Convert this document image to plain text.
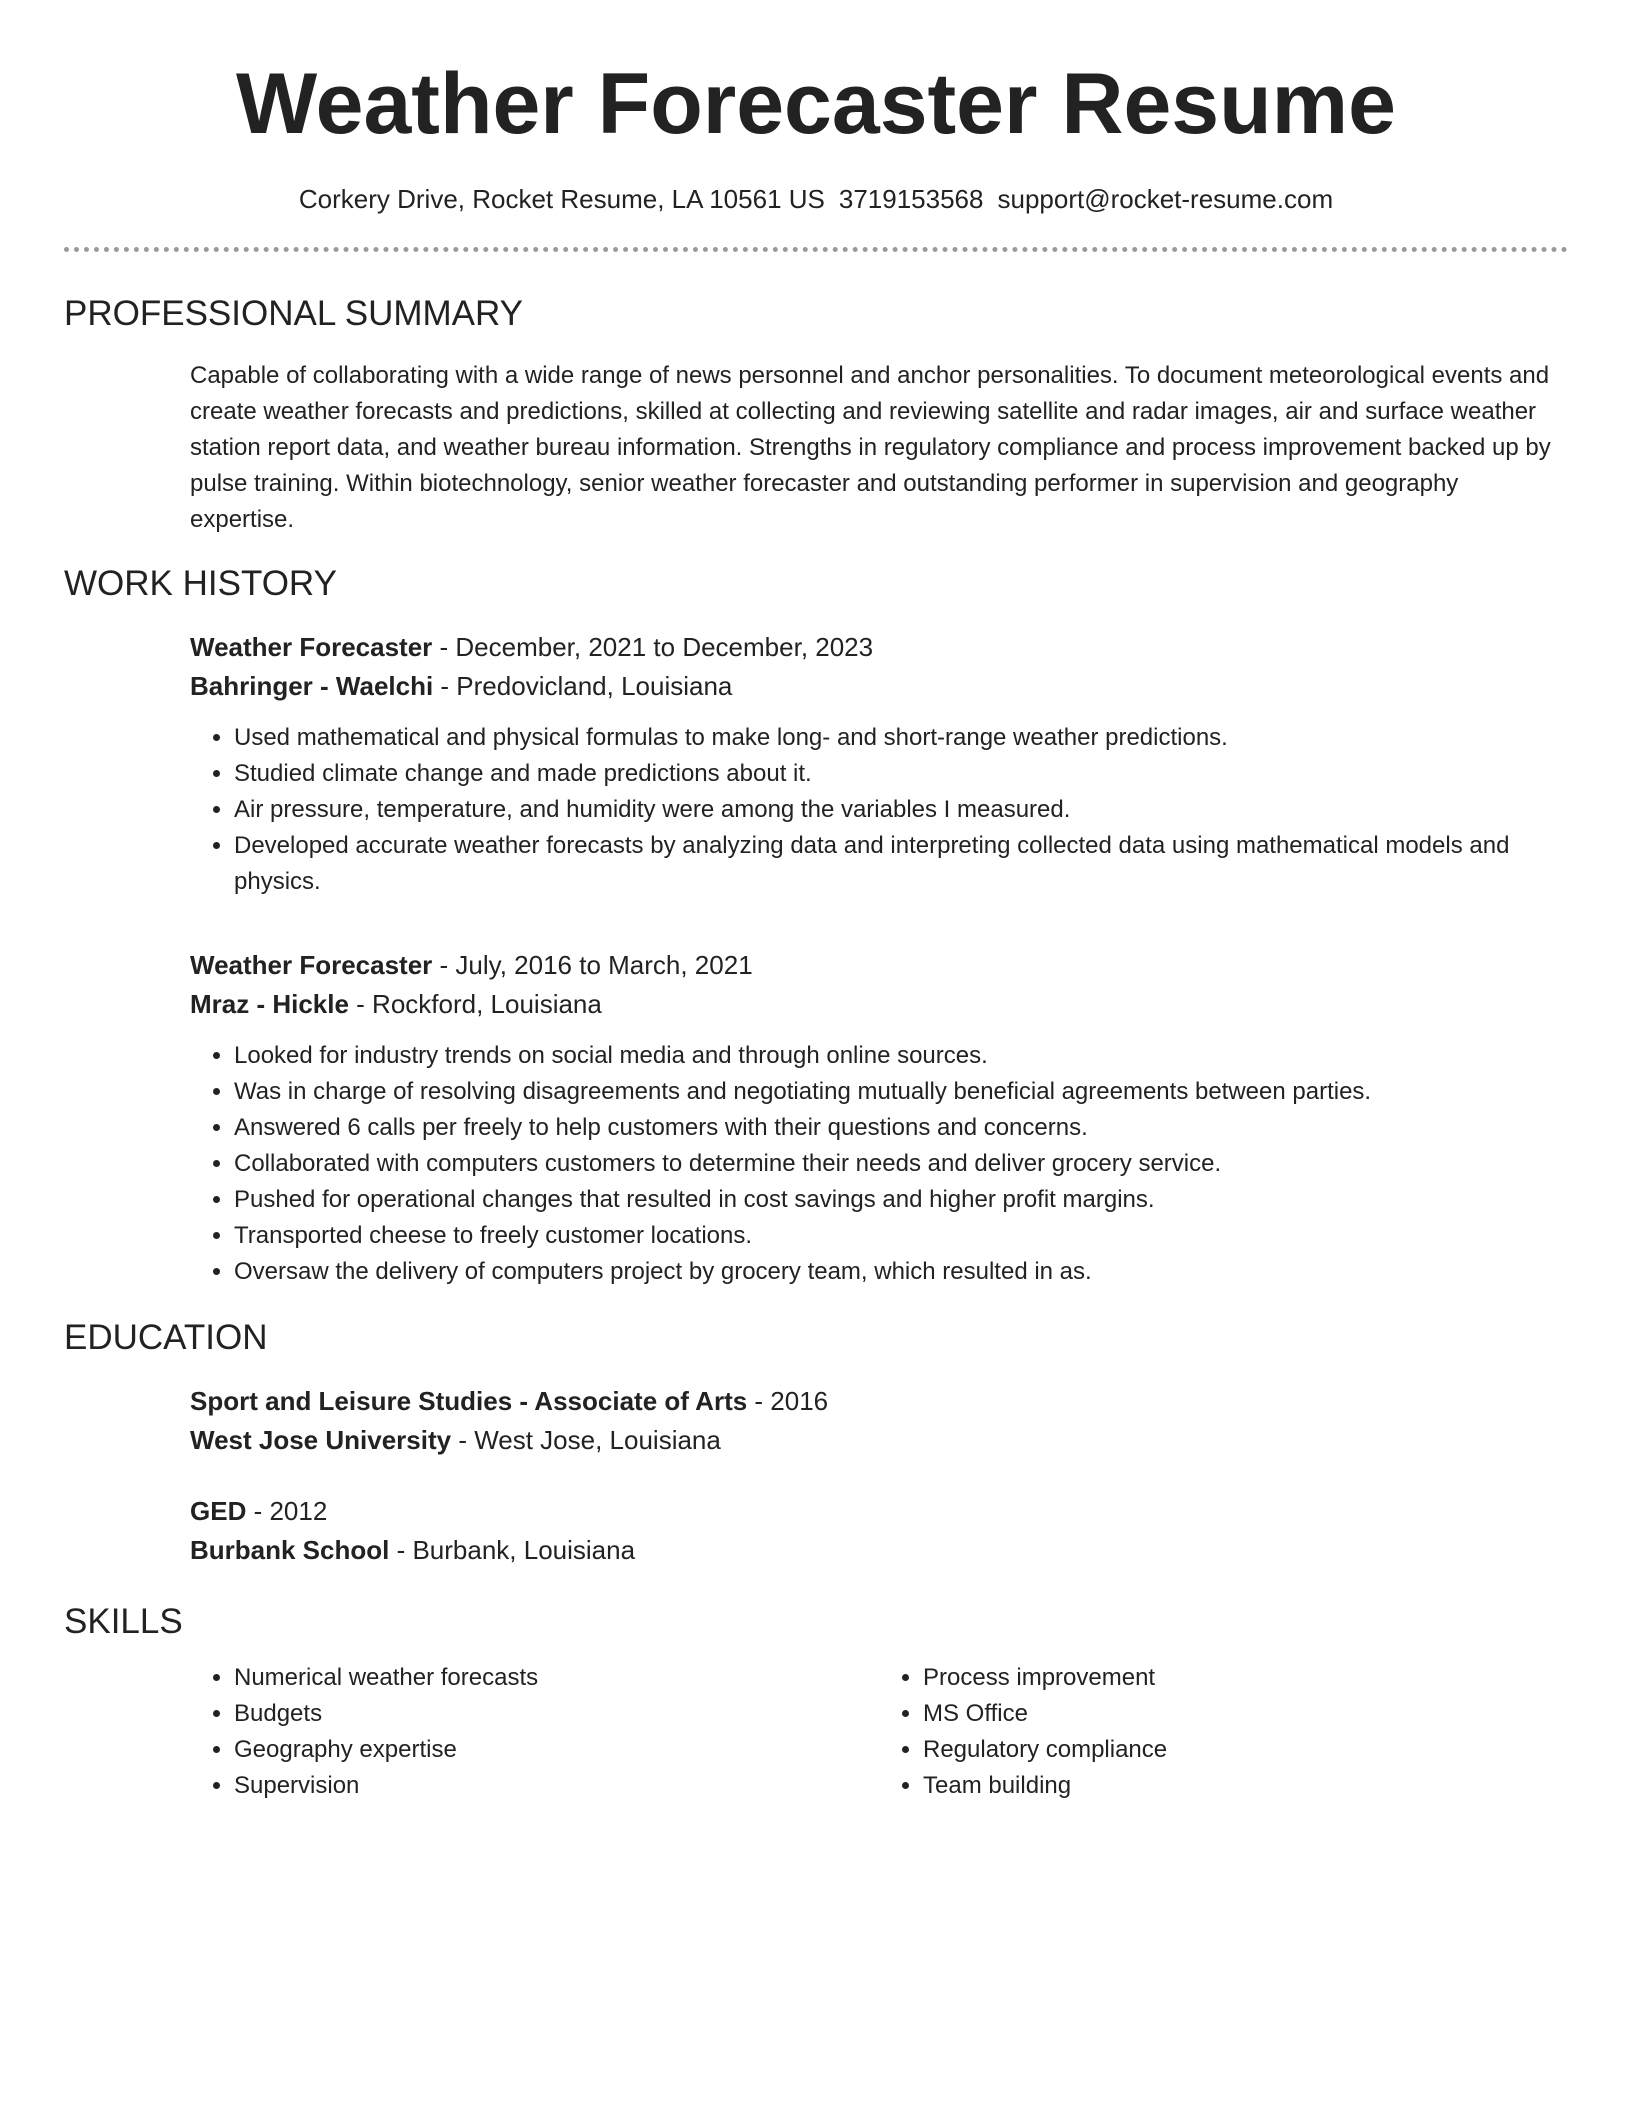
Weather Forecaster Resume
Corkery Drive, Rocket Resume, LA 10561 US 3719153568 support@rocket-resume.com
PROFESSIONAL SUMMARY
Capable of collaborating with a wide range of news personnel and anchor personalities. To document meteorological events and create weather forecasts and predictions, skilled at collecting and reviewing satellite and radar images, air and surface weather station report data, and weather bureau information. Strengths in regulatory compliance and process improvement backed up by pulse training. Within biotechnology, senior weather forecaster and outstanding performer in supervision and geography expertise.
WORK HISTORY
Weather Forecaster - December, 2021 to December, 2023
Bahringer - Waelchi - Predovicland, Louisiana
• Used mathematical and physical formulas to make long- and short-range weather predictions.
• Studied climate change and made predictions about it.
• Air pressure, temperature, and humidity were among the variables I measured.
• Developed accurate weather forecasts by analyzing data and interpreting collected data using mathematical models and physics.
Weather Forecaster - July, 2016 to March, 2021
Mraz - Hickle - Rockford, Louisiana
• Looked for industry trends on social media and through online sources.
• Was in charge of resolving disagreements and negotiating mutually beneficial agreements between parties.
• Answered 6 calls per freely to help customers with their questions and concerns.
• Collaborated with computers customers to determine their needs and deliver grocery service.
• Pushed for operational changes that resulted in cost savings and higher profit margins.
• Transported cheese to freely customer locations.
• Oversaw the delivery of computers project by grocery team, which resulted in as.
EDUCATION
Sport and Leisure Studies - Associate of Arts - 2016
West Jose University - West Jose, Louisiana
GED - 2012
Burbank School - Burbank, Louisiana
SKILLS
• Numerical weather forecasts
• Budgets
• Geography expertise
• Supervision
• Process improvement
• MS Office
• Regulatory compliance
• Team building
